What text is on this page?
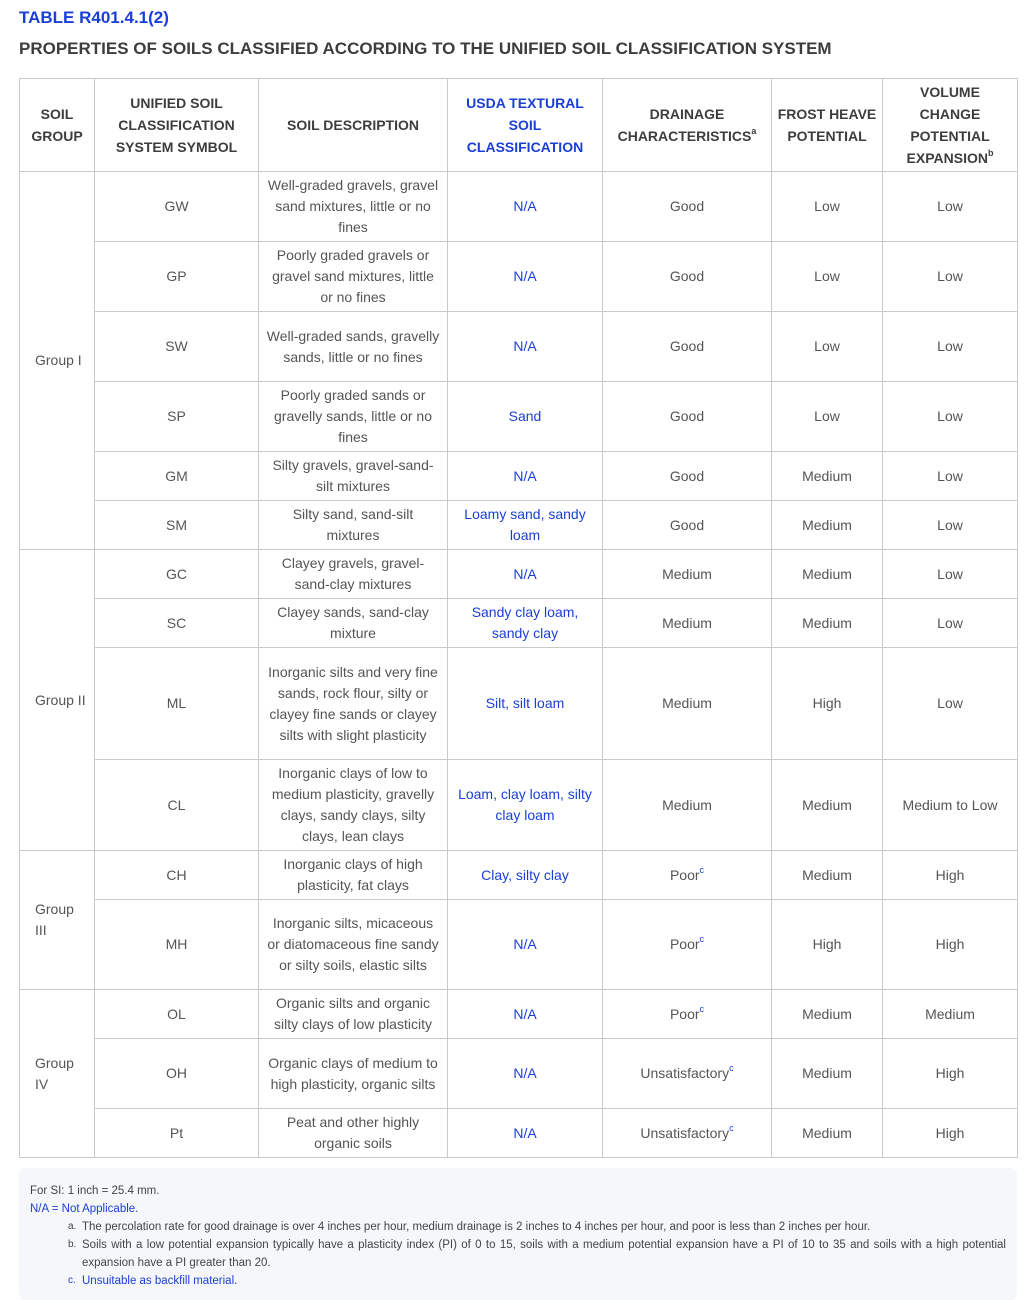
TABLE R401.4.1(2)
PROPERTIES OF SOILS CLASSIFIED ACCORDING TO THE UNIFIED SOIL CLASSIFICATION SYSTEM
SOIL GROUP	UNIFIED SOIL CLASSIFICATION SYSTEM SYMBOL	SOIL DESCRIPTION	USDA TEXTURAL SOIL CLASSIFICATION	DRAINAGE CHARACTERISTICS$^a$	FROST HEAVE POTENTIAL	VOLUME CHANGE POTENTIAL EXPANSION$^b$
Group I	GW	Well-graded gravels, gravel sand mixtures, little or no fines	N/A	Good	Low	Low
	GP	Poorly graded gravels or gravel sand mixtures, little or no fines	N/A	Good	Low	Low
	SW	Well-graded sands, gravelly sands, little or no fines	N/A	Good	Low	Low
	SP	Poorly graded sands or gravelly sands, little or no fines	Sand	Good	Low	Low
	GM	Silty gravels, gravel-sand-silt mixtures	N/A	Good	Medium	Low
	SM	Silty sand, sand-silt mixtures	Loamy sand, sandy loam	Good	Medium	Low
Group II	GC	Clayey gravels, gravel-sand-clay mixtures	N/A	Medium	Medium	Low
	SC	Clayey sands, sand-clay mixture	Sandy clay loam, sandy clay	Medium	Medium	Low
	ML	Inorganic silts and very fine sands, rock flour, silty or clayey fine sands or clayey silts with slight plasticity	Silt, silt loam	Medium	High	Low
	CL	Inorganic clays of low to medium plasticity, gravelly clays, sandy clays, silty clays, lean clays	Loam, clay loam, silty clay loam	Medium	Medium	Medium to Low
Group III	CH	Inorganic clays of high plasticity, fat clays	Clay, silty clay	Poor$^c$	Medium	High
	MH	Inorganic silts, micaceous or diatomaceous fine sandy or silty soils, elastic silts	N/A	Poor$^c$	High	High
Group IV	OL	Organic silts and organic silty clays of low plasticity	N/A	Poor$^c$	Medium	Medium
	OH	Organic clays of medium to high plasticity, organic silts	N/A	Unsatisfactory$^c$	Medium	High
	Pt	Peat and other highly organic soils	N/A	Unsatisfactory$^c$	Medium	High
For SI: 1 inch = 25.4 mm.
N/A = Not Applicable.
a. The percolation rate for good drainage is over 4 inches per hour, medium drainage is 2 inches to 4 inches per hour, and poor is less than 2 inches per hour.
b. Soils with a low potential expansion typically have a plasticity index (PI) of 0 to 15, soils with a medium potential expansion have a PI of 10 to 35 and soils with a high potential expansion have a PI greater than 20.
c. Unsuitable as backfill material.
